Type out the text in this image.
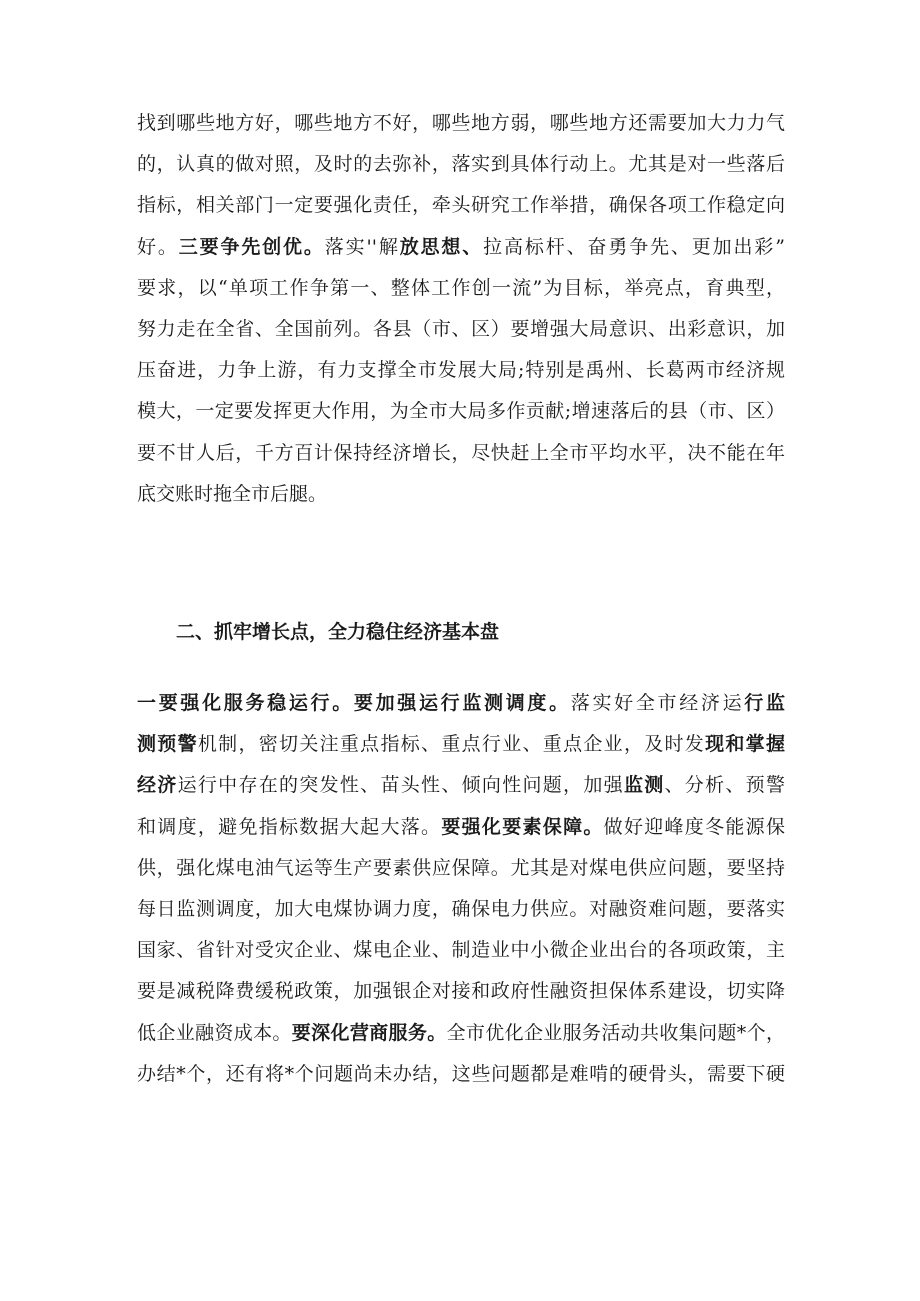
找到哪些地方好，哪些地方不好，哪些地方弱，哪些地方还需要加大力力气
的，认真的做对照，及时的去弥补，落实到具体行动上。尤其是对一些落后
指标，相关部门一定要强化责任，牵头研究工作举措，确保各项工作稳定向
好。三要争先创优。落实''解放思想、拉高标杆、奋勇争先、更加出彩”
要求，以“单项工作争第一、整体工作创一流”为目标，举亮点，育典型，
努力走在全省、全国前列。各县（市、区）要增强大局意识、出彩意识，加
压奋进，力争上游，有力支撑全市发展大局;特别是禹州、长葛两市经济规
模大，一定要发挥更大作用，为全市大局多作贡献;增速落后的县（市、区）
要不甘人后，千方百计保持经济增长，尽快赶上全市平均水平，决不能在年
底交账时拖全市后腿。
二、抓牢增长点，全力稳住经济基本盘
一要强化服务稳运行。要加强运行监测调度。落实好全市经济运行监
测预警机制，密切关注重点指标、重点行业、重点企业，及时发现和掌握
经济运行中存在的突发性、苗头性、倾向性问题，加强监测、分析、预警
和调度，避免指标数据大起大落。要强化要素保障。做好迎峰度冬能源保
供，强化煤电油气运等生产要素供应保障。尤其是对煤电供应问题，要坚持
每日监测调度，加大电煤协调力度，确保电力供应。对融资难问题，要落实
国家、省针对受灾企业、煤电企业、制造业中小微企业出台的各项政策，主
要是减税降费缓税政策，加强银企对接和政府性融资担保体系建设，切实降
低企业融资成本。要深化营商服务。全市优化企业服务活动共收集问题*个，
办结*个，还有将*个问题尚未办结，这些问题都是难啃的硬骨头，需要下硬
